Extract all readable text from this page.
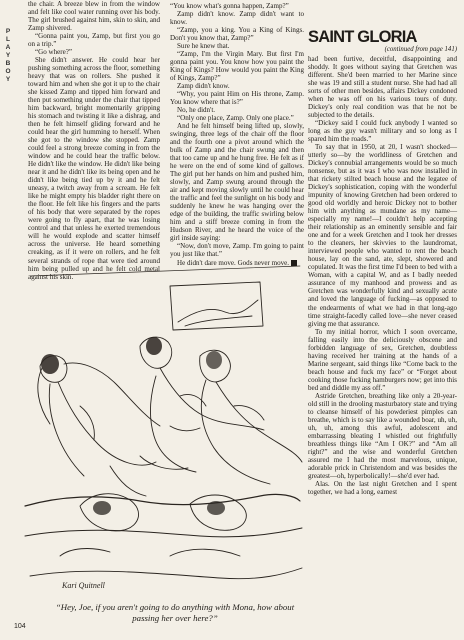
P
L
A
Y
B
O
Y

the chair. A breeze blew in from the window and felt like cool water running over his body. The girl brushed against him, skin to skin, and Zamp shivered.

“Gonna paint you, Zamp, but first you go on a trip.”

“Go where?”

She didn't answer. He could hear her pushing something across the floor, something heavy that was on rollers. She pushed it toward him and when she got it up to the chair she kissed Zamp and tipped him forward and then put something under the chair that tipped him backward, bright momentarily gripping his stomach and twisting it like a dishrag, and then he felt himself gliding forward and he could hear the girl humming to herself. When she got to the window she stopped. Zamp could feel a strong breeze coming in from the window and he could hear the traffic below. He didn't like the window. He didn't like being near it and he didn't like its being open and he didn't like being tied up by it and he felt uneasy, a twitch away from a scream. He felt like he might empty his bladder right there on the floor. He felt like his fingers and the parts of his body that were separated by the ropes were going to fly apart, that he was losing control and that unless he exerted tremendous will he would explode and scatter himself across the universe. He heard something creaking, as if it were on rollers, and he felt several strands of rope that were tied around him being pulled up and he felt cold metal against his skin.

“You know what's gonna happen, Zamp?”

Zamp didn't know. Zamp didn't want to know.

“Zamp, you a king. You a King of Kings. Don't you know that, Zamp?”

Sure he knew that.

“Zamp, I'm the Virgin Mary. But first I'm gonna paint you. You know how you paint the King of Kings? How would you paint the King of Kings, Zamp?”

Zamp didn't know.

“Why, you paint Him on His throne, Zamp. You know where that is?”

No, he didn't.

“Only one place, Zamp. Only one place.”

And he felt himself being lifted up, slowly, swinging, three legs of the chair off the floor and the fourth one a pivot around which the bulk of Zamp and the chair swung and then that too came up and he hung free. He felt as if he were on the end of some kind of gallows. The girl put her hands on him and pushed him, slowly, and Zamp swung around through the air and kept moving slowly until he could hear the traffic and feel the sunlight on his body and suddenly he knew he was hanging over the edge of the building, the traffic swirling below him and a stiff breeze coming in from the Hudson River, and he heard the voice of the girl inside saying:

“Now, don't move, Zamp. I'm going to paint you just like that.”

He didn't dare move. Gods never move.

SAINT GLORIA
(continued from page 141)

had been furtive, deceitful, disappointing and shoddy. It goes without saying that Gretchen was different. She'd been married to her Marine since she was 19 and still a student nurse. She had had all sorts of other men besides, affairs Dickey condoned when he was off on his various tours of duty. Dickey's only real condition was that he not be subjected to the details.

“Dickey said I could fuck anybody I wanted so long as the guy wasn't military and so long as I spared him the roads.”

To say that in 1950, at 20, I wasn't shocked—utterly so—by the worldliness of Gretchen and Dickey's connubial arrangements would be so much nonsense, but as it was I who was now installed in that rickety stilted beach house and the legatee of Dickey's sophistication, coping with the wonderful impunity of knowing Gretchen had been ordered to good old worldly and heroic Dickey not to bother him with anything as mundane as my name—especially my name!—I couldn't help accepting their relationship as an eminently sensible and fair one and for a week Gretchen and I took her dresses to the cleaners, her skivvies to the laundromat, interviewed people who wanted to rent the beach house, lay on the sand, ate, slept, showered and copulated. It was the first time I'd been to bed with a Woman, with a capital W, and as I badly needed assurance of my manhood and prowess and as Gretchen was wonderfully kind and sexually acute and loved the language of fucking—as opposed to the endearments of what we had in that long-ago time straight-facedly called love—she never ceased giving me that assurance.

To my initial horror, which I soon overcame, falling easily into the deliciously obscene and forbidden language of sex, Gretchen, doubtless having received her training at the hands of a Marine sergeant, said things like “Come back to the beach house and fuck my face” or “Forget about cooking those fucking hamburgers now; get into this bed and diddle my ass off.”

Astride Gretchen, breathing like only a 20-year-old still in the drooling masturbatory state and trying to cleanse himself of his powderiest pimples can breathe, which is to say like a wounded boar, uh, uh, uh, uh, among this awful, adolescent and embarrassing bleating I whistled out frightfully breathless things like “Am I OK?” and “Am all right?” and the wise and wonderful Gretchen assured me I had the most marvelous, unique, adorable prick in Christendom and was besides the greatest—oh, hyperbolically!—she'd ever had.

Alas. On the last night Gretchen and I spent together, we had a long, earnest

Kari Quitnell
“Hey, Joe, if you aren't going to do anything with Mona, how about passing her over here?”
104
